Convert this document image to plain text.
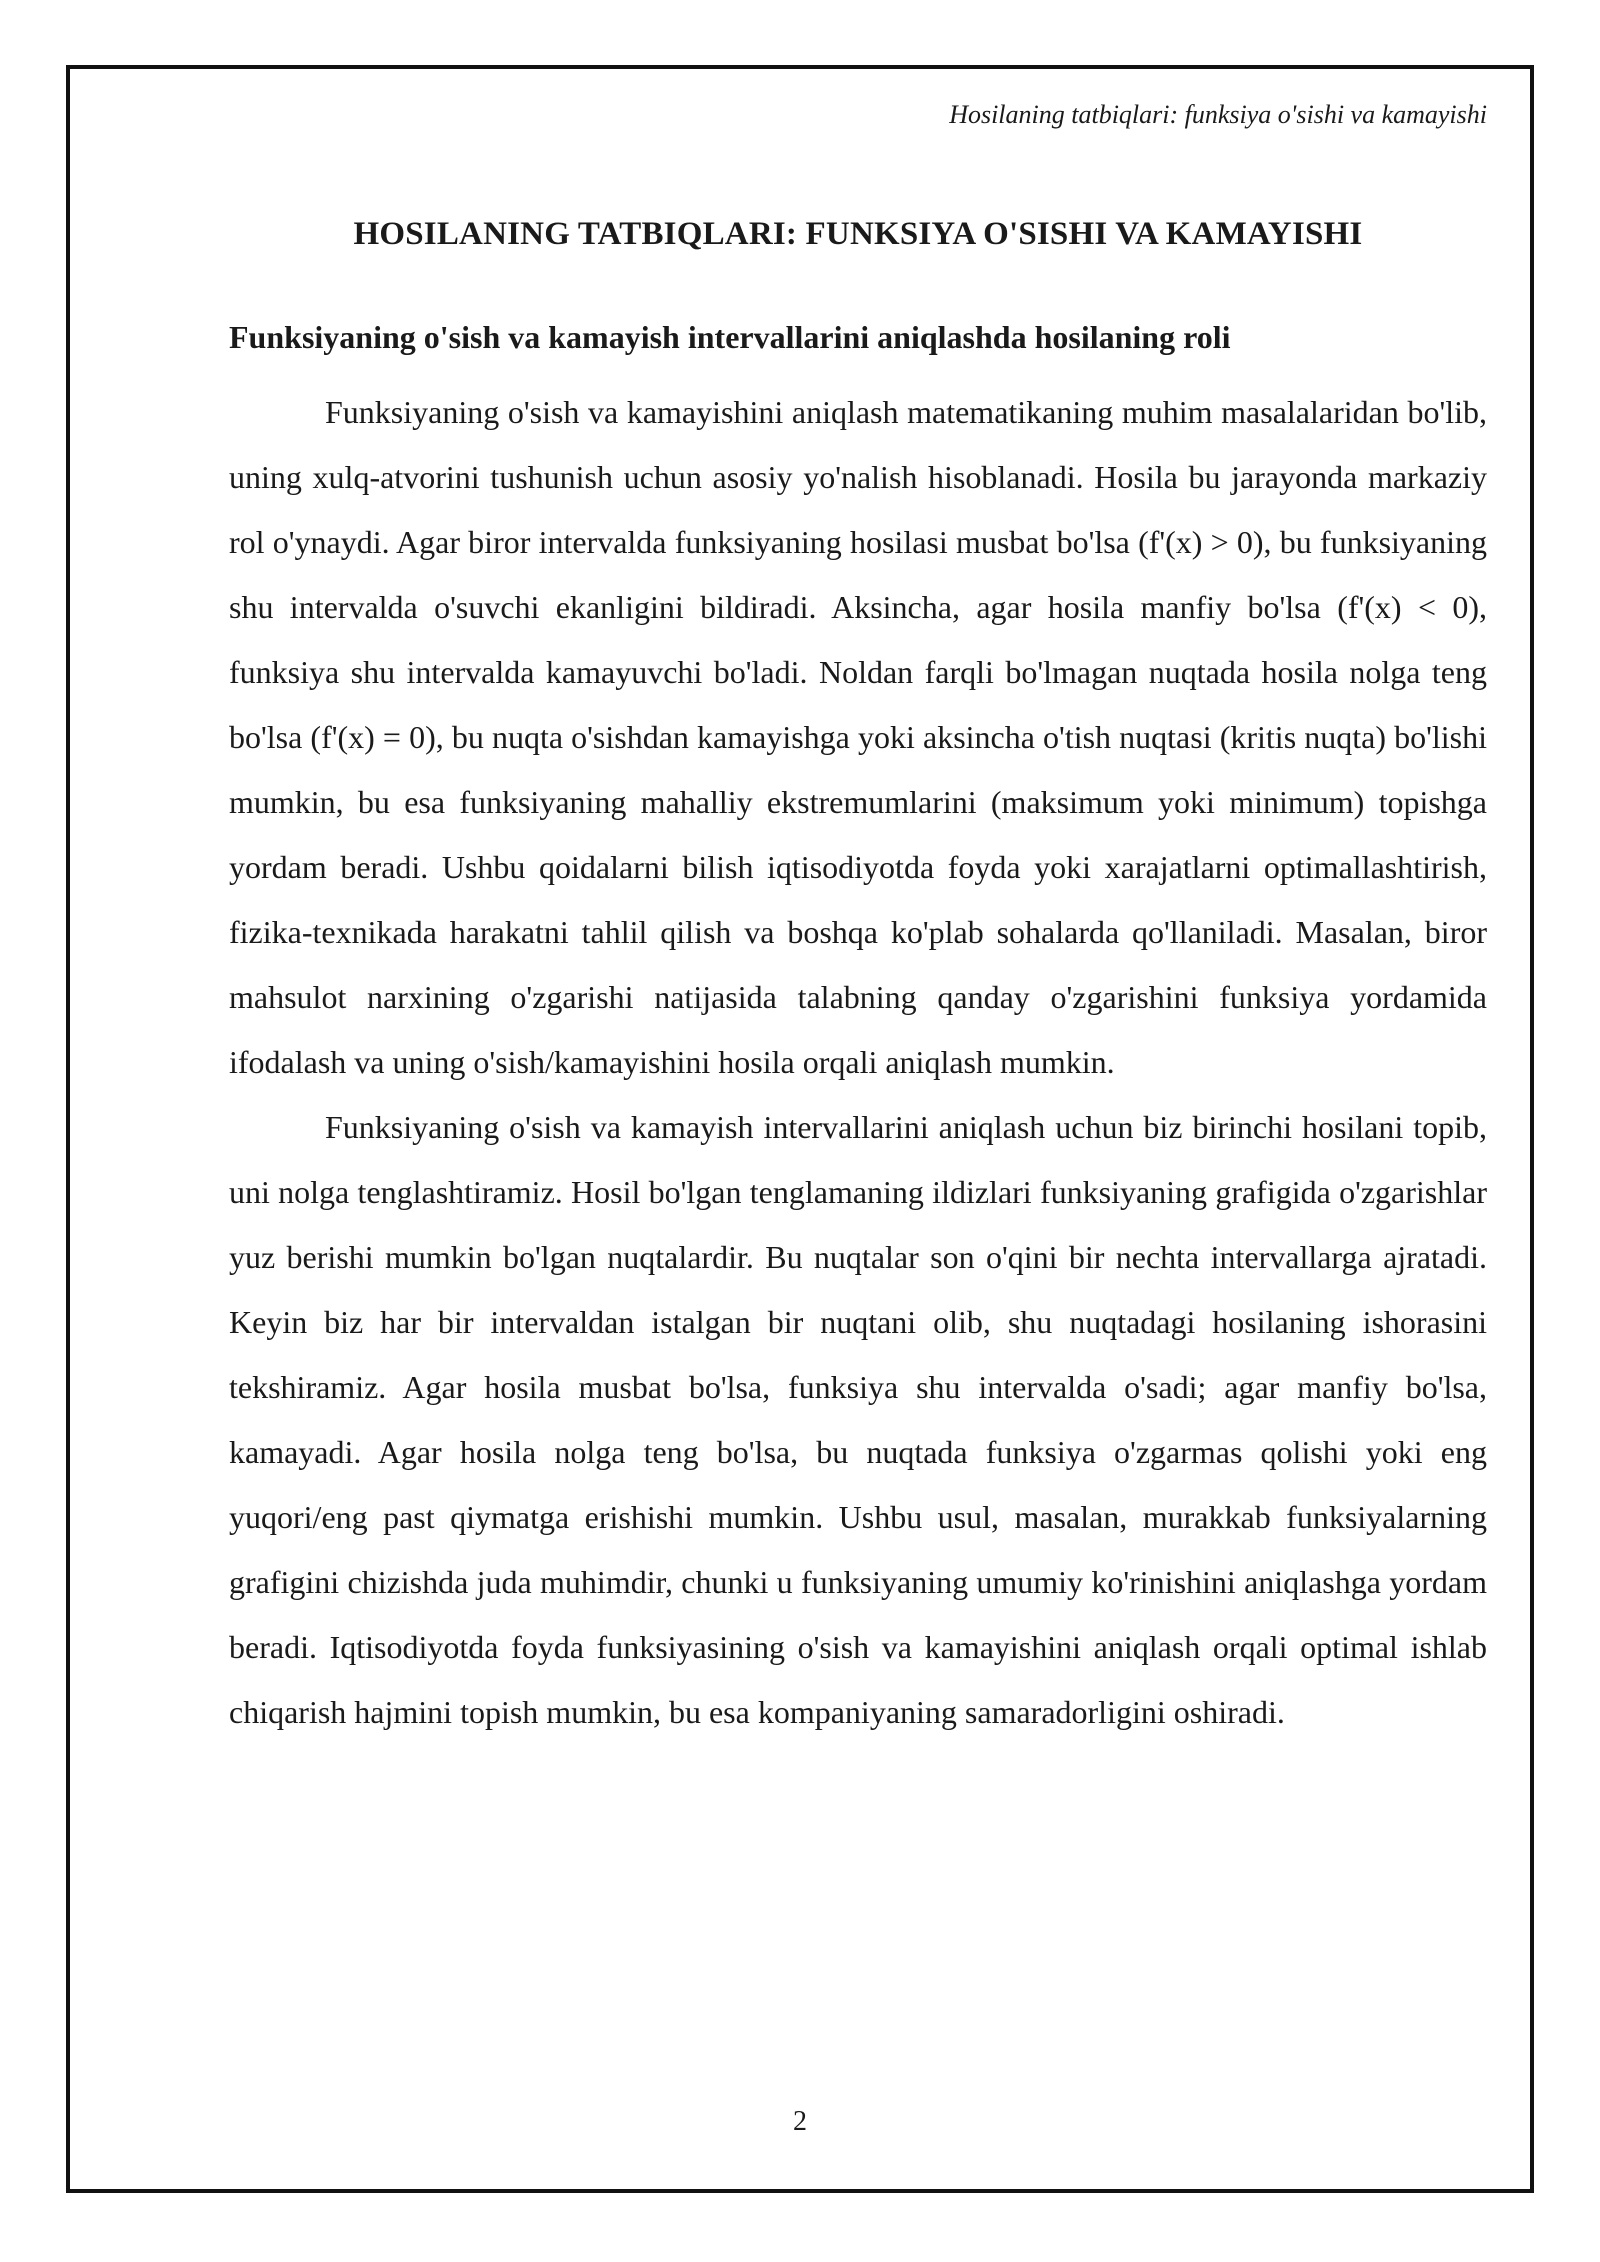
Hosilaning tatbiqlari: funksiya o'sishi va kamayishi
HOSILANING TATBIQLARI: FUNKSIYA O'SISHI VA KAMAYISHI
Funksiyaning o'sish va kamayish intervallarini aniqlashda hosilaning roli

Funksiyaning o'sish va kamayishini aniqlash matematikaning muhim masalalaridan bo'lib, uning xulq-atvorini tushunish uchun asosiy yo'nalish hisoblanadi. Hosila bu jarayonda markaziy rol o'ynaydi. Agar biror intervalda funksiyaning hosilasi musbat bo'lsa (f'(x) > 0), bu funksiyaning shu intervalda o'suvchi ekanligini bildiradi. Aksincha, agar hosila manfiy bo'lsa (f'(x) < 0), funksiya shu intervalda kamayuvchi bo'ladi. Noldan farqli bo'lmagan nuqtada hosila nolga teng bo'lsa (f'(x) = 0), bu nuqta o'sishdan kamayishga yoki aksincha o'tish nuqtasi (kritis nuqta) bo'lishi mumkin, bu esa funksiyaning mahalliy ekstremumlarini (maksimum yoki minimum) topishga yordam beradi. Ushbu qoidalarni bilish iqtisodiyotda foyda yoki xarajatlarni optimallashtirish, fizika-texnikada harakatni tahlil qilish va boshqa ko'plab sohalarda qo'llaniladi. Masalan, biror mahsulot narxining o'zgarishi natijasida talabning qanday o'zgarishini funksiya yordamida ifodalash va uning o'sish/kamayishini hosila orqali aniqlash mumkin.

Funksiyaning o'sish va kamayish intervallarini aniqlash uchun biz birinchi hosilani topib, uni nolga tenglashtiramiz. Hosil bo'lgan tenglamaning ildizlari funksiyaning grafigida o'zgarishlar yuz berishi mumkin bo'lgan nuqtalardir. Bu nuqtalar son o'qini bir nechta intervallarga ajratadi. Keyin biz har bir intervaldan istalgan bir nuqtani olib, shu nuqtadagi hosilaning ishorasini tekshiramiz. Agar hosila musbat bo'lsa, funksiya shu intervalda o'sadi; agar manfiy bo'lsa, kamayadi. Agar hosila nolga teng bo'lsa, bu nuqtada funksiya o'zgarmas qolishi yoki eng yuqori/eng past qiymatga erishishi mumkin. Ushbu usul, masalan, murakkab funksiyalarning grafigini chizishda juda muhimdir, chunki u funksiyaning umumiy ko'rinishini aniqlashga yordam beradi. Iqtisodiyotda foyda funksiyasining o'sish va kamayishini aniqlash orqali optimal ishlab chiqarish hajmini topish mumkin, bu esa kompaniyaning samaradorligini oshiradi.

2
